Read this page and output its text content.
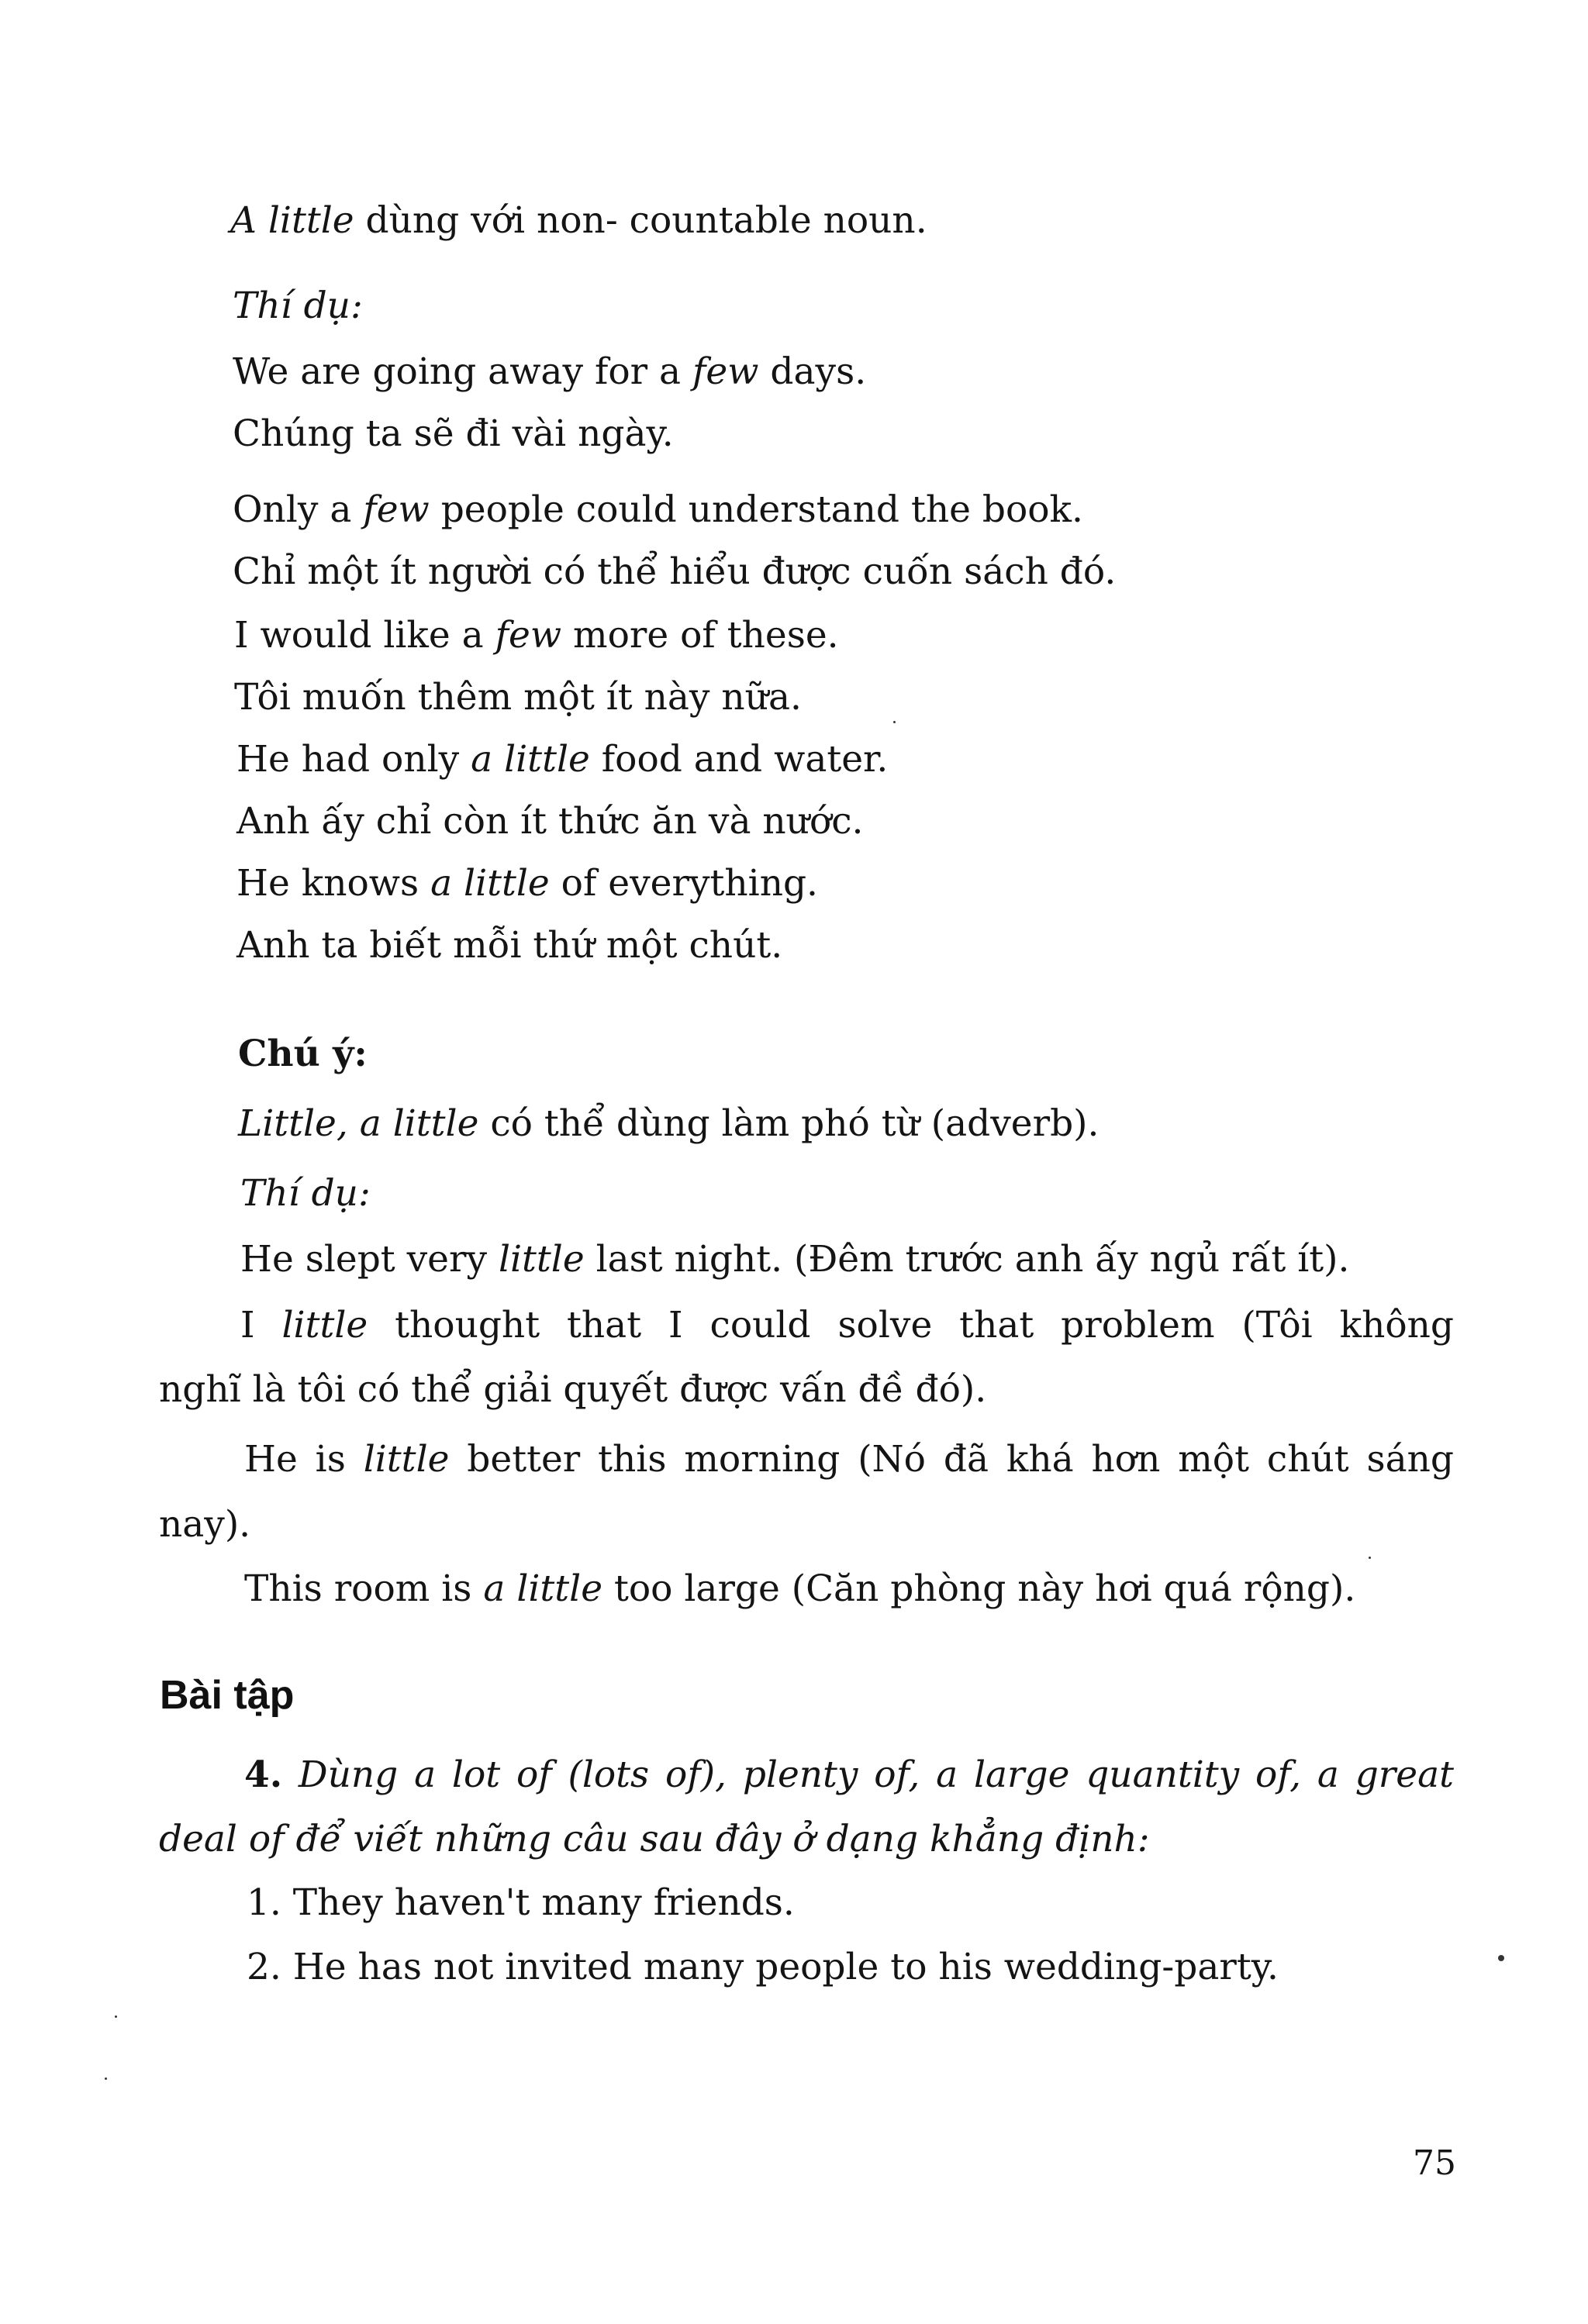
A little dùng với non- countable noun.
Thí dụ:
We are going away for a few days.
Chúng ta sẽ đi vài ngày.
Only a few people could understand the book.
Chỉ một ít người có thể hiểu được cuốn sách đó.
I would like a few more of these.
Tôi muốn thêm một ít này nữa.
He had only a little food and water.
Anh ấy chỉ còn ít thức ăn và nước.
He knows a little of everything.
Anh ta biết mỗi thứ một chút.
Chú ý:
Little, a little có thể dùng làm phó từ (adverb).
Thí dụ:
He slept very little last night. (Đêm trước anh ấy ngủ rất ít).
I little thought that I could solve that problem (Tôi không
nghĩ là tôi có thể giải quyết được vấn đề đó).
He is little better this morning (Nó đã khá hơn một chút sáng
nay).
This room is a little too large (Căn phòng này hơi quá rộng).
Bài tập
4. Dùng a lot of (lots of), plenty of, a large quantity of, a great
deal of để viết những câu sau đây ở dạng khẳng định:
1. They haven't many friends.
2. He has not invited many people to his wedding-party.
75
